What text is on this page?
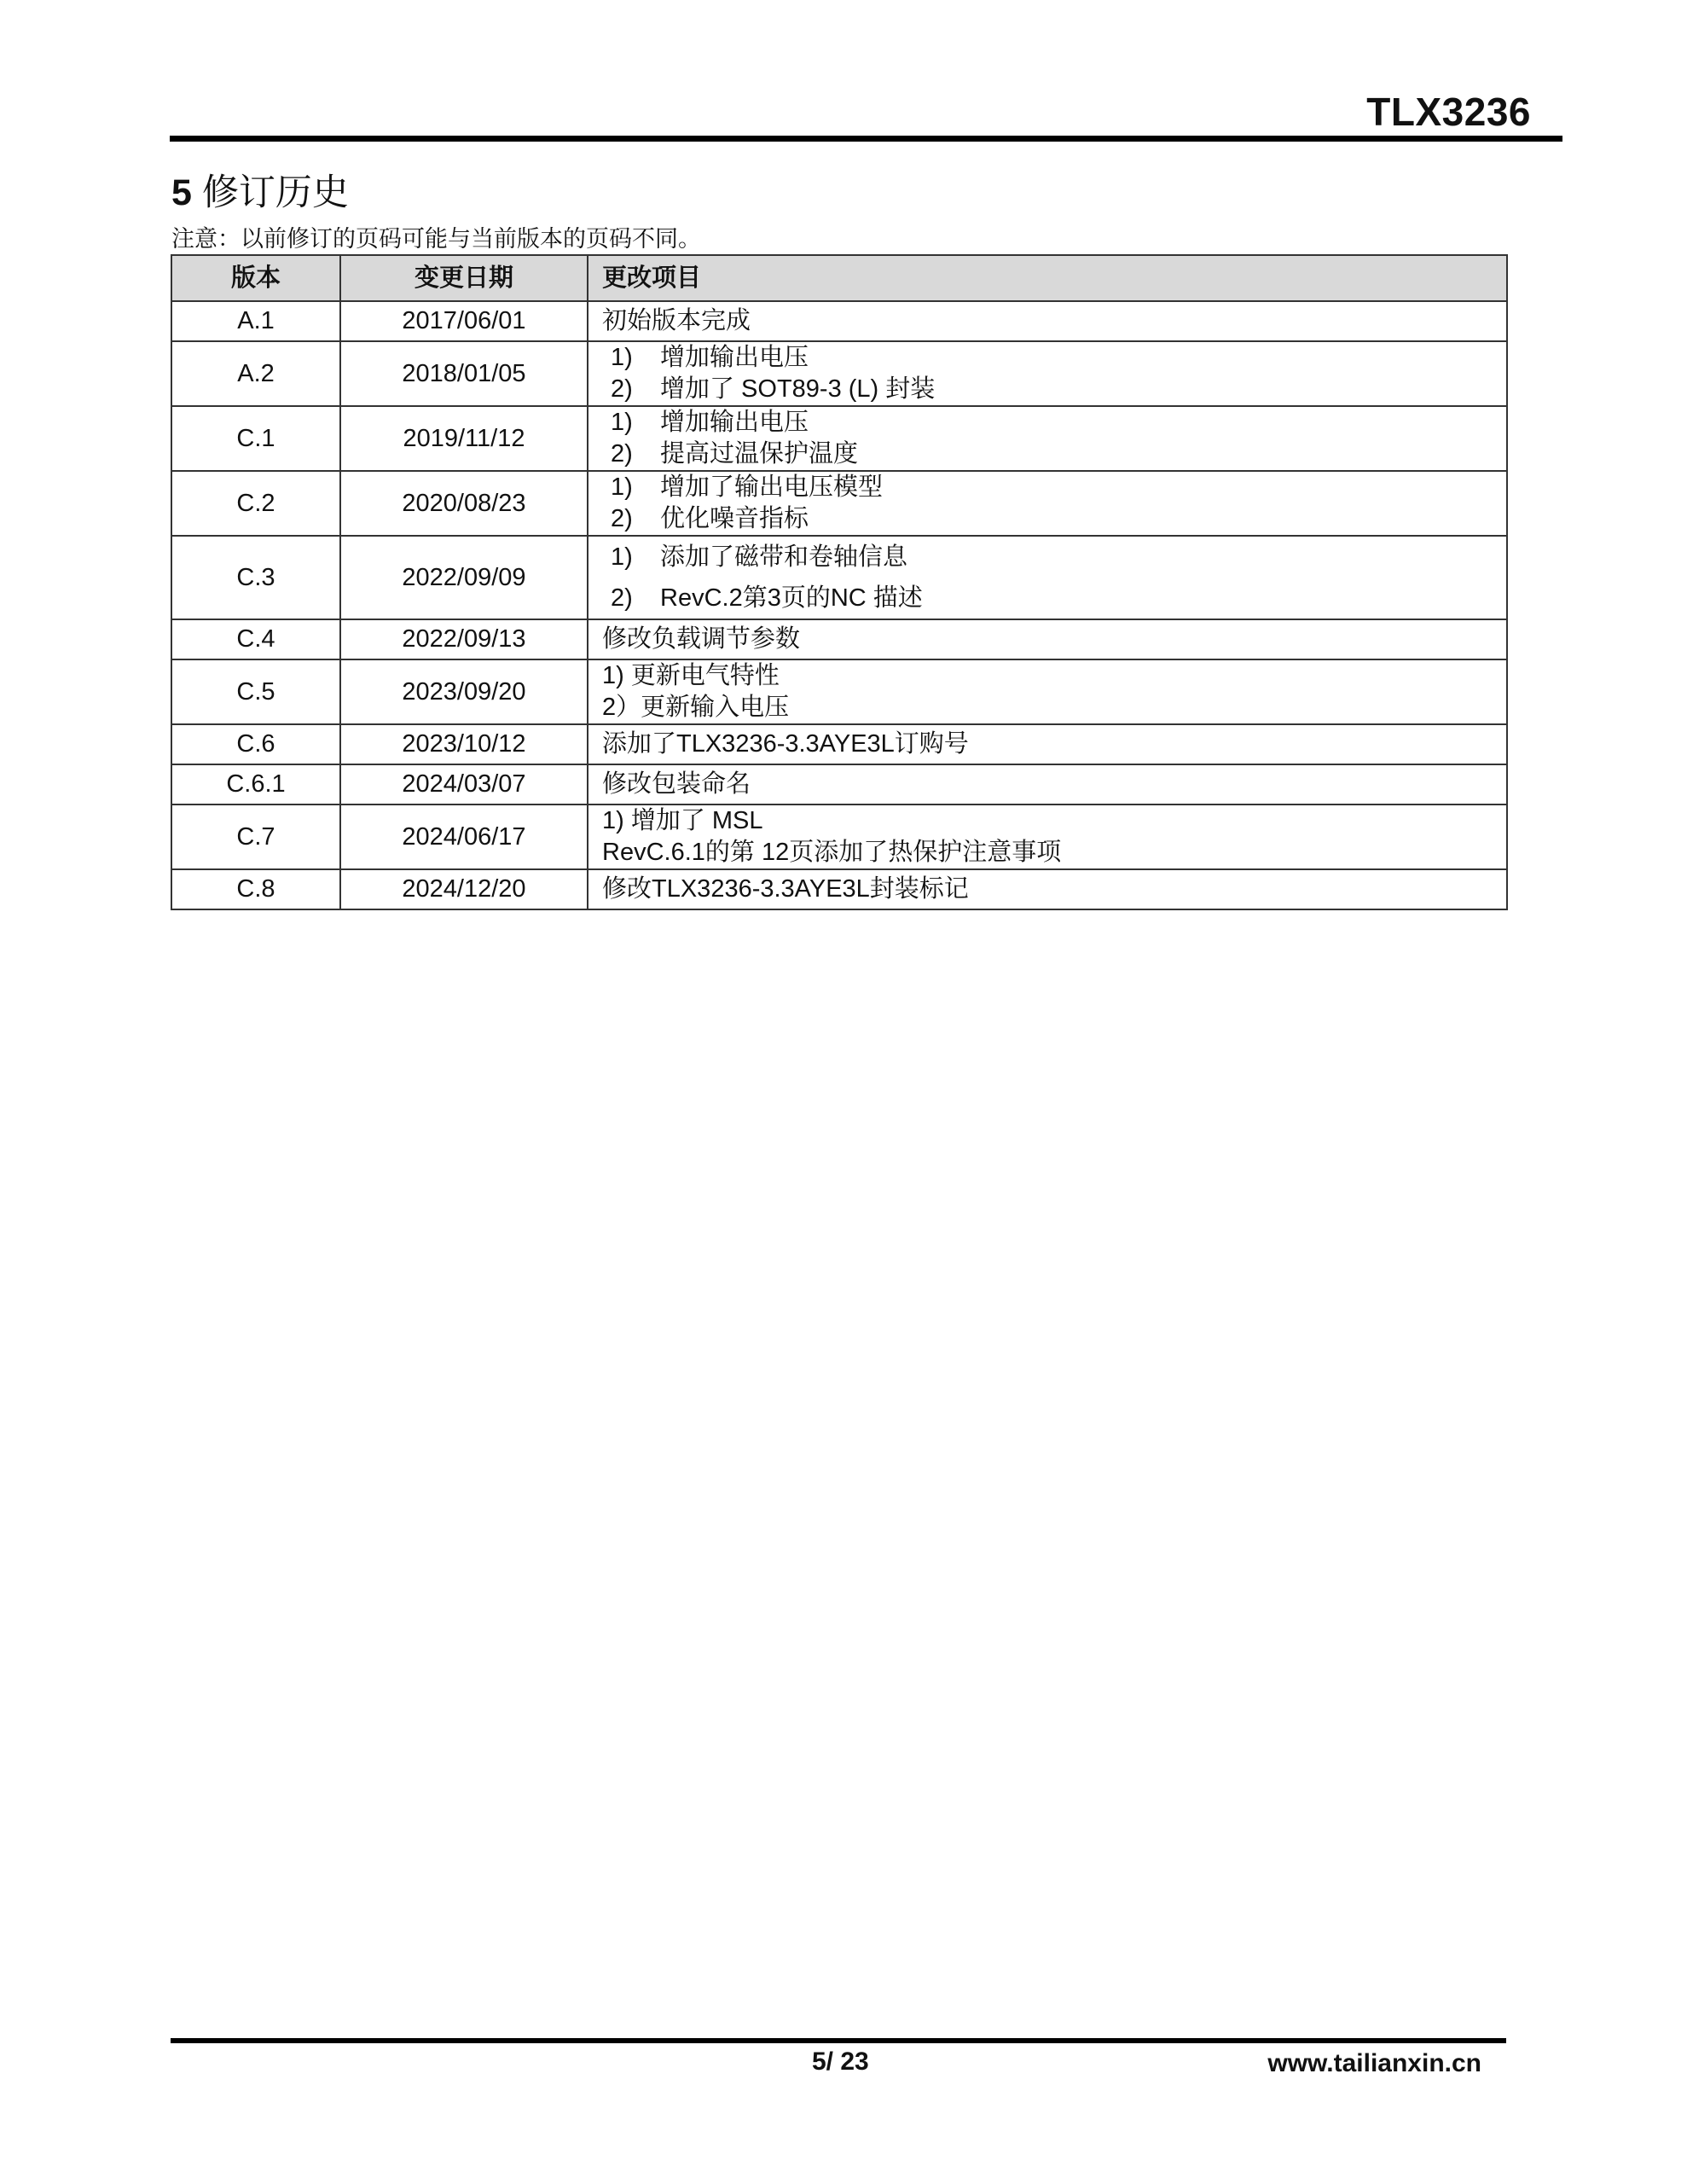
TLX3236
5 修订历史
注意：以前修订的页码可能与当前版本的页码不同。
版本	变更日期	更改项目
A.1	2017/06/01	初始版本完成

A.2	2018/01/05	1) 增加输出电压
2) 增加了 SOT89-3 (L) 封装

C.1	2019/11/12	1) 增加输出电压
2) 提高过温保护温度

C.2	2020/08/23	1) 增加了输出电压模型
2) 优化噪音指标

C.3	2022/09/09	1) 添加了磁带和卷轴信息
2) RevC.2第3页的NC 描述

C.4	2022/09/13	修改负载调节参数

C.5	2023/09/20	1) 更新电气特性
2）更新输入电压

C.6	2023/10/12	添加了TLX3236-3.3AYE3L订购号

C.6.1	2024/03/07	修改包装命名

C.7	2024/06/17	1) 增加了 MSL
RevC.6.1的第 12页添加了热保护注意事项

C.8	2024/12/20	修改TLX3236-3.3AYE3L封装标记
5/ 23	www.tailianxin.cn
